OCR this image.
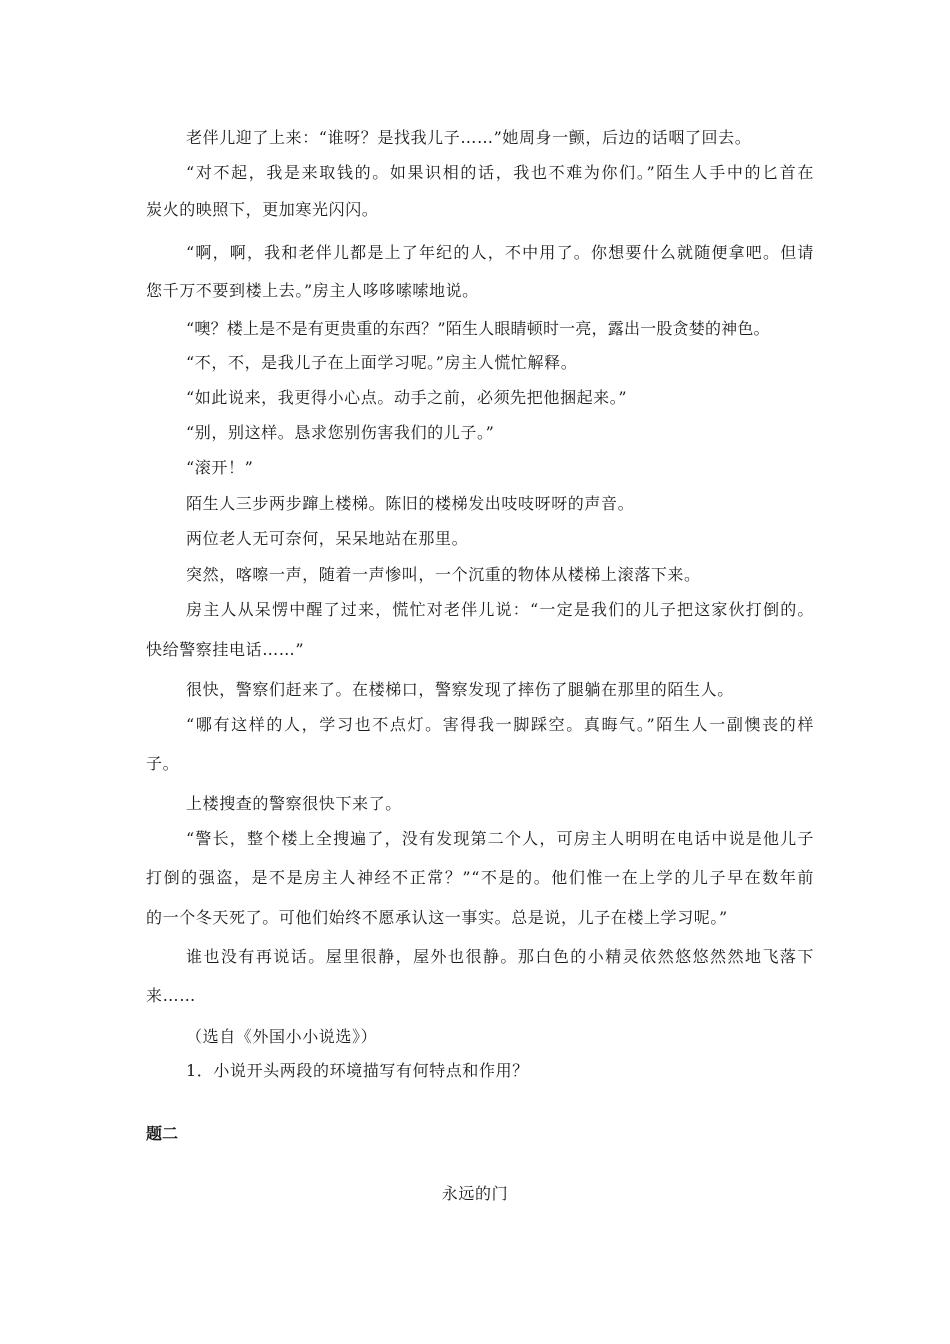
老伴儿迎了上来：“谁呀？是找我儿子……”她周身一颤，后边的话咽了回去。
“对不起，我是来取钱的。如果识相的话，我也不难为你们。”陌生人手中的匕首在
炭火的映照下，更加寒光闪闪。
“啊，啊，我和老伴儿都是上了年纪的人，不中用了。你想要什么就随便拿吧。但请
您千万不要到楼上去。”房主人哆哆嗦嗦地说。
“噢？楼上是不是有更贵重的东西？”陌生人眼睛顿时一亮，露出一股贪婪的神色。
“不，不，是我儿子在上面学习呢。”房主人慌忙解释。
“如此说来，我更得小心点。动手之前，必须先把他捆起来。”
“别，别这样。恳求您别伤害我们的儿子。”
“滚开！”
陌生人三步两步蹿上楼梯。陈旧的楼梯发出吱吱呀呀的声音。
两位老人无可奈何，呆呆地站在那里。
突然，喀嚓一声，随着一声惨叫，一个沉重的物体从楼梯上滚落下来。
房主人从呆愣中醒了过来，慌忙对老伴儿说：“一定是我们的儿子把这家伙打倒的。
快给警察挂电话……”
很快，警察们赶来了。在楼梯口，警察发现了摔伤了腿躺在那里的陌生人。
“哪有这样的人，学习也不点灯。害得我一脚踩空。真晦气。”陌生人一副懊丧的样
子。
上楼搜查的警察很快下来了。
“警长，整个楼上全搜遍了，没有发现第二个人，可房主人明明在电话中说是他儿子
打倒的强盗，是不是房主人神经不正常？”“不是的。他们惟一在上学的儿子早在数年前
的一个冬天死了。可他们始终不愿承认这一事实。总是说，儿子在楼上学习呢。”
谁也没有再说话。屋里很静，屋外也很静。那白色的小精灵依然悠悠然然地飞落下
来……
（选自《外国小小说选》）
1．小说开头两段的环境描写有何特点和作用？
题二
永远的门
